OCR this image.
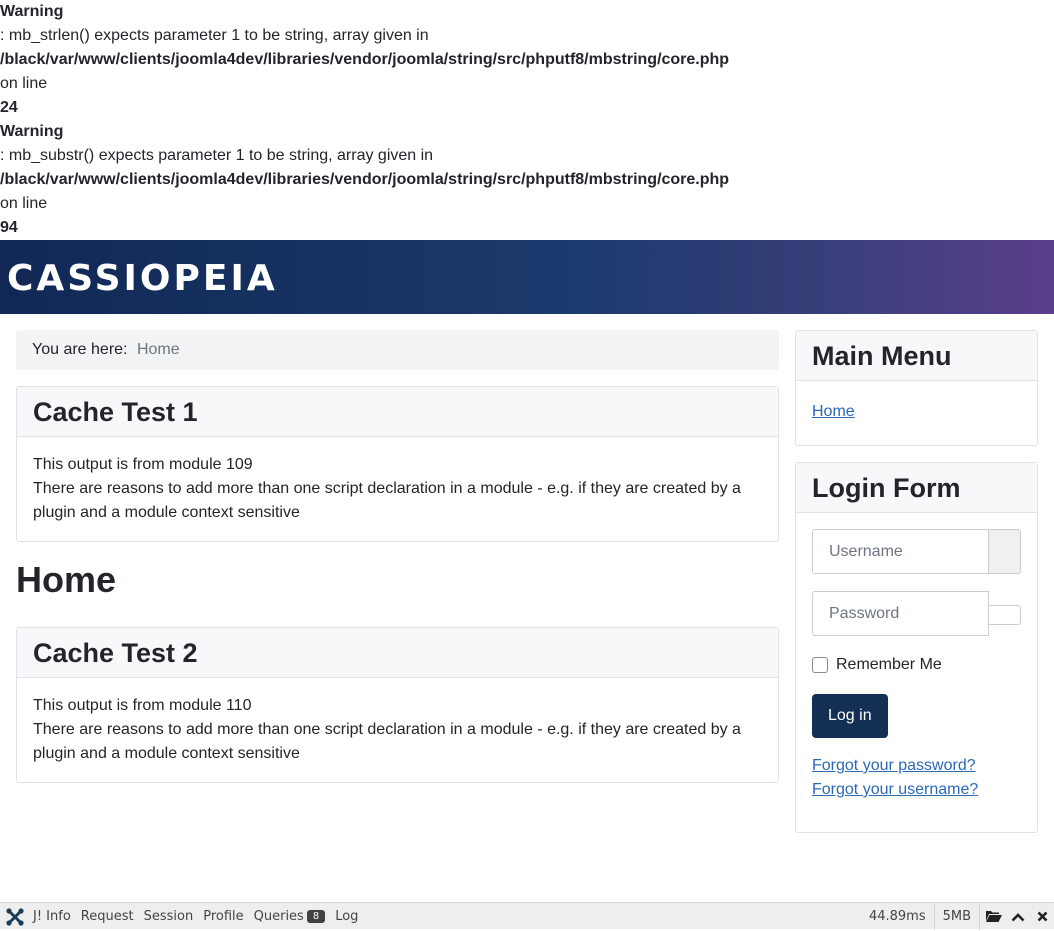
Warning
: mb_strlen() expects parameter 1 to be string, array given in
/black/var/www/clients/joomla4dev/libraries/vendor/joomla/string/src/phputf8/mbstring/core.php
on line
24
Warning
: mb_substr() expects parameter 1 to be string, array given in
/black/var/www/clients/joomla4dev/libraries/vendor/joomla/string/src/phputf8/mbstring/core.php
on line
94
CASSIOPEIA
You are here: Home
Cache Test 1
This output is from module 109
There are reasons to add more than one script declaration in a module - e.g. if they are created by a plugin and a module context sensitive
Home
Cache Test 2
This output is from module 110
There are reasons to add more than one script declaration in a module - e.g. if they are created by a plugin and a module context sensitive
Main Menu
Home
Login Form
Username
Remember Me
Log in
Forgot your password?
Forgot your username?
J! Info Request Session Profile Queries 8	Log	44.89ms	5MB
